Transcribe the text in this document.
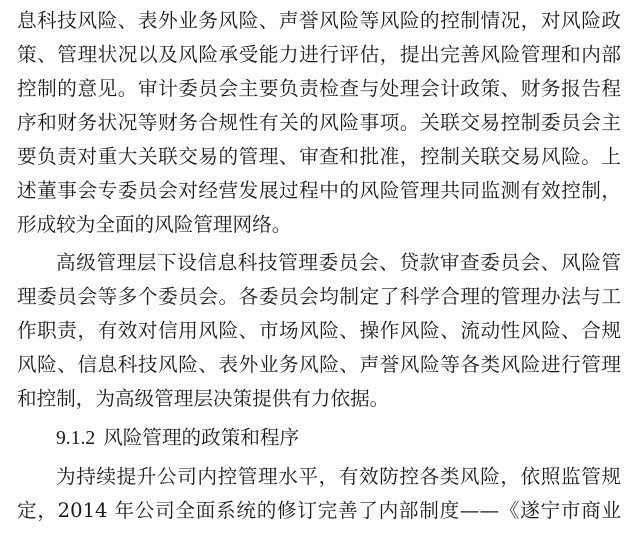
息科技风险、表外业务风险、声誉风险等风险的控制情况，对风险政
策、管理状况以及风险承受能力进行评估，提出完善风险管理和内部
控制的意见。审计委员会主要负责检查与处理会计政策、财务报告程
序和财务状况等财务合规性有关的风险事项。关联交易控制委员会主
要负责对重大关联交易的管理、审查和批准，控制关联交易风险。上
述董事会专委员会对经营发展过程中的风险管理共同监测有效控制，
形成较为全面的风险管理网络。
高级管理层下设信息科技管理委员会、贷款审查委员会、风险管
理委员会等多个委员会。各委员会均制定了科学合理的管理办法与工
作职责，有效对信用风险、市场风险、操作风险、流动性风险、合规
风险、信息科技风险、表外业务风险、声誉风险等各类风险进行管理
和控制，为高级管理层决策提供有力依据。
9.1.2 风险管理的政策和程序
为持续提升公司内控管理水平，有效防控各类风险，依照监管规
定，2014 年公司全面系统的修订完善了内部制度——《遂宁市商业
